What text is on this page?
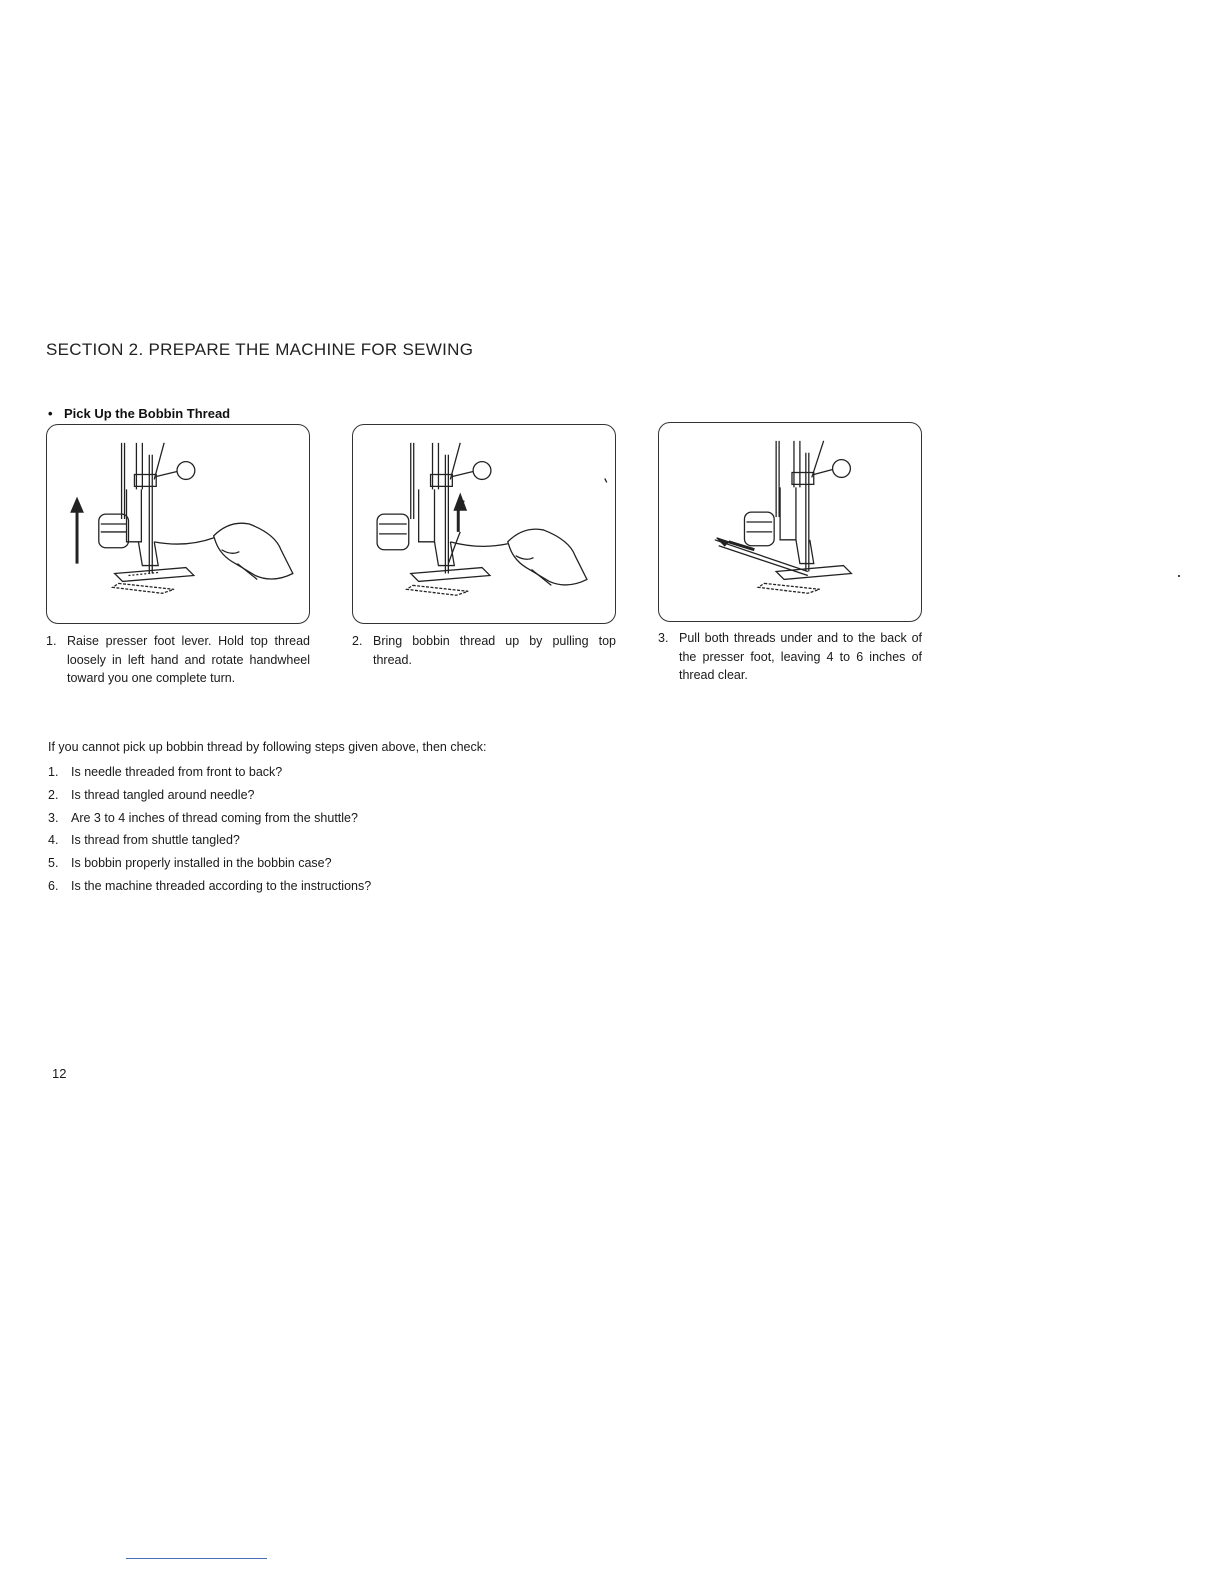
SECTION 2. PREPARE THE MACHINE FOR SEWING
• Pick Up the Bobbin Thread
1. Raise presser foot lever. Hold top thread loosely in left hand and rotate handwheel toward you one complete turn.
2. Bring bobbin thread up by pulling top thread.
3. Pull both threads under and to the back of the presser foot, leaving 4 to 6 inches of thread clear.
If you cannot pick up bobbin thread by following steps given above, then check:
1.	Is needle threaded from front to back?
2.	Is thread tangled around needle?
3.	Are 3 to 4 inches of thread coming from the shuttle?
4.	Is thread from shuttle tangled?
5.	Is bobbin properly installed in the bobbin case?
6.	Is the machine threaded according to the instructions?
12
